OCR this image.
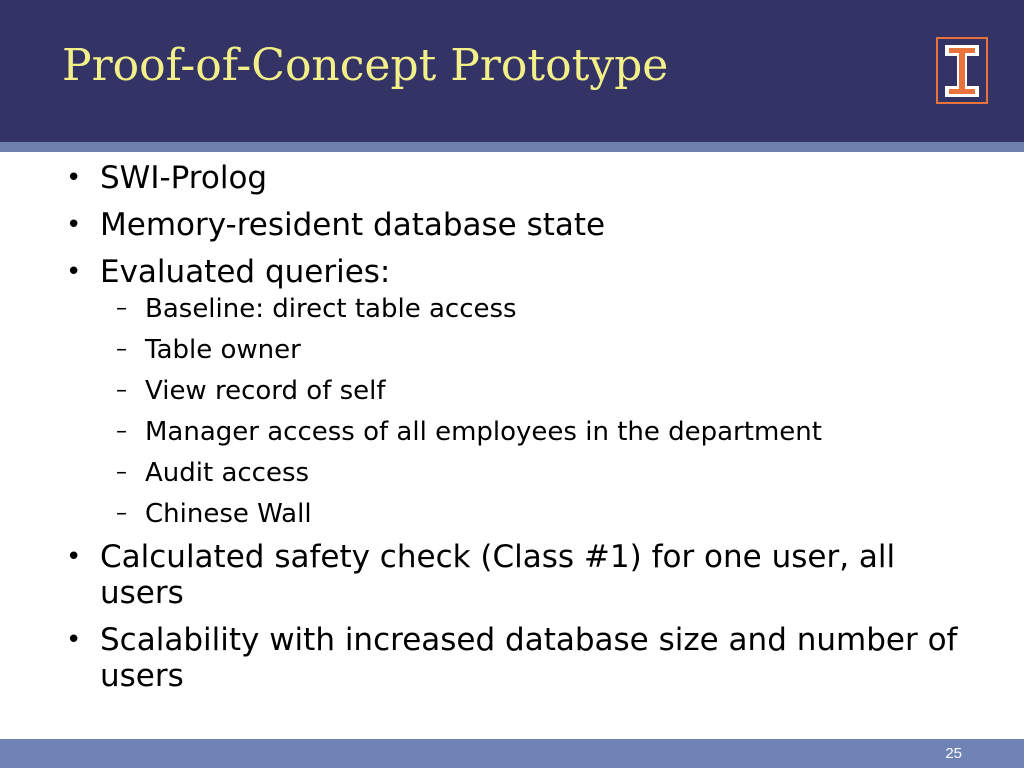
Proof-of-Concept Prototype
• SWI-Prolog
• Memory-resident database state
• Evaluated queries:
– Baseline: direct table access
– Table owner
– View record of self
– Manager access of all employees in the department
– Audit access
– Chinese Wall
• Calculated safety check (Class #1) for one user, all users
• Scalability with increased database size and number of users
25
